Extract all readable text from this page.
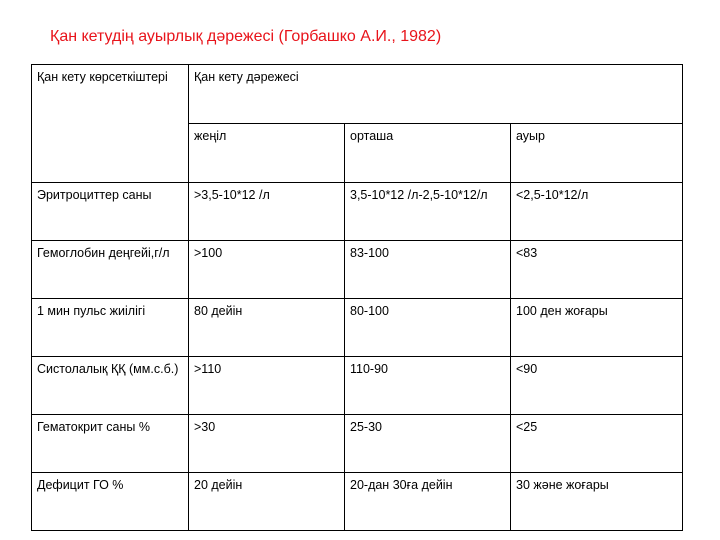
Қан кетудің ауырлық дәрежесі (Горбашко А.И., 1982)
Қан кету көрсеткіштері	Қан кету дәрежесі		
	жеңіл	орташа	ауыр
Эритроциттер саны	>3,5-10*12 /л	3,5-10*12 /л-2,5-10*12/л	<2,5-10*12/л
Гемоглобин деңгейі,г/л	>100	83-100	<83
1 мин пульс жиілігі	80 дейін	80-100	100 ден жоғары
Систолалық ҚҚ (мм.с.б.)	>110	110-90	<90
Гематокрит саны %	>30	25-30	<25
Дефицит ГО %	20 дейін	20-дан 30ға дейін	30 және жоғары
